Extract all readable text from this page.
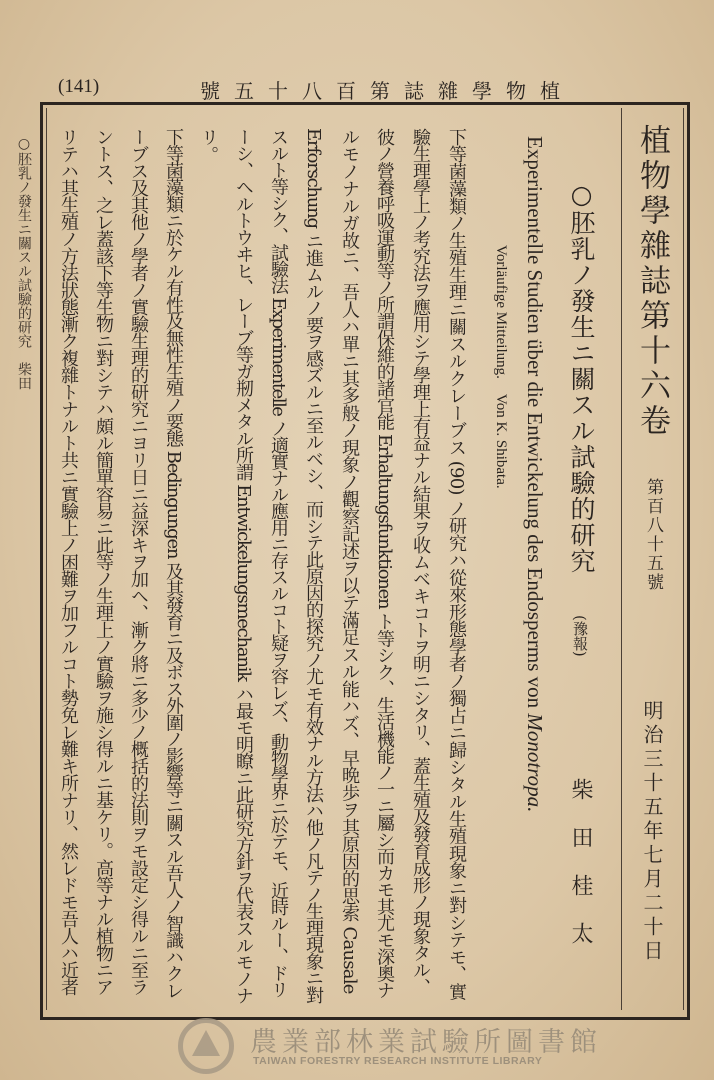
(141)	號五十八百第誌雜學物植
○胚乳ノ發生ニ關スル試驗的研究　柴田	植物學雜誌第十六卷
第百八十五號
明治三十五年七月二十日
○胚乳ノ發生ニ關スル試驗的研究
(豫報)
柴田桂太
Experimentelle Studien über die Entwickelung des Endosperms von Monotropa.
Vorläufige Mitteilung.　Von K. Shibata.
下等菌藻類ノ生殖生理ニ關スルクレーブス (90) ノ研究ハ從來形態學者ノ獨占ニ歸シタル生殖現象ニ對シテモ、實
驗生理學上ノ考究法ヲ應用シテ學理上有益ナル結果ヲ收ムベキコトヲ明ニシタリ、蓋生殖及發育成形ノ現象タル、
彼ノ營養呼吸運動等ノ所謂保維的諸官能 Erhaltungsfunktionen ト等シク、生活機能ノ一ニ屬シ而カモ其尤モ深奧ナ
ルモノナルガ故ニ、吾人ハ單ニ其多般ノ現象ノ觀察記述ヲ以テ滿足スル能ハズ、早晩歩ヲ其原因的思索 Causale
Erforschung ニ進ムルノ要ヲ感ズルニ至ルベシ、而シテ此原因的探究ノ尤モ有效ナル方法ハ他ノ凡テノ生理現象ニ對
スルト等シク、試驗法 Experimentelle ノ適實ナル應用ニ存スルコト疑ヲ容レズ、動物學界ニ於テモ、近時ルー、ドリ
ーシ、ヘルトウヰヒ、レーブ等ガ剏メタル所謂 Entwickelungsmechanik ハ最モ明瞭ニ此研究方針ヲ代表スルモノナ
リ。
下等菌藻類ニ於ケル有性及無性生殖ノ要態 Bedingungen 及其發育ニ及ボス外圍ノ影響等ニ關スル吾人ノ智識ハクレ
ーブス及其他ノ學者ノ實驗生理的研究ニヨリ日ニ益深キヲ加ヘ、漸ク將ニ多少ノ概括的法則ヲモ設定シ得ルニ至ラ
ントス、之レ蓋該下等生物ニ對シテハ頗ル簡單容易ニ此等ノ生理上ノ實驗ヲ施シ得ルニ基ケリ。高等ナル植物ニア
リテハ其生殖ノ方法狀態漸ク複雜トナルト共ニ實驗上ノ困難ヲ加フルコト勢免レ難キ所ナリ、然レドモ吾人ハ近者
農業部林業試驗所圖書館
TAIWAN FORESTRY RESEARCH INSTITUTE LIBRARY
